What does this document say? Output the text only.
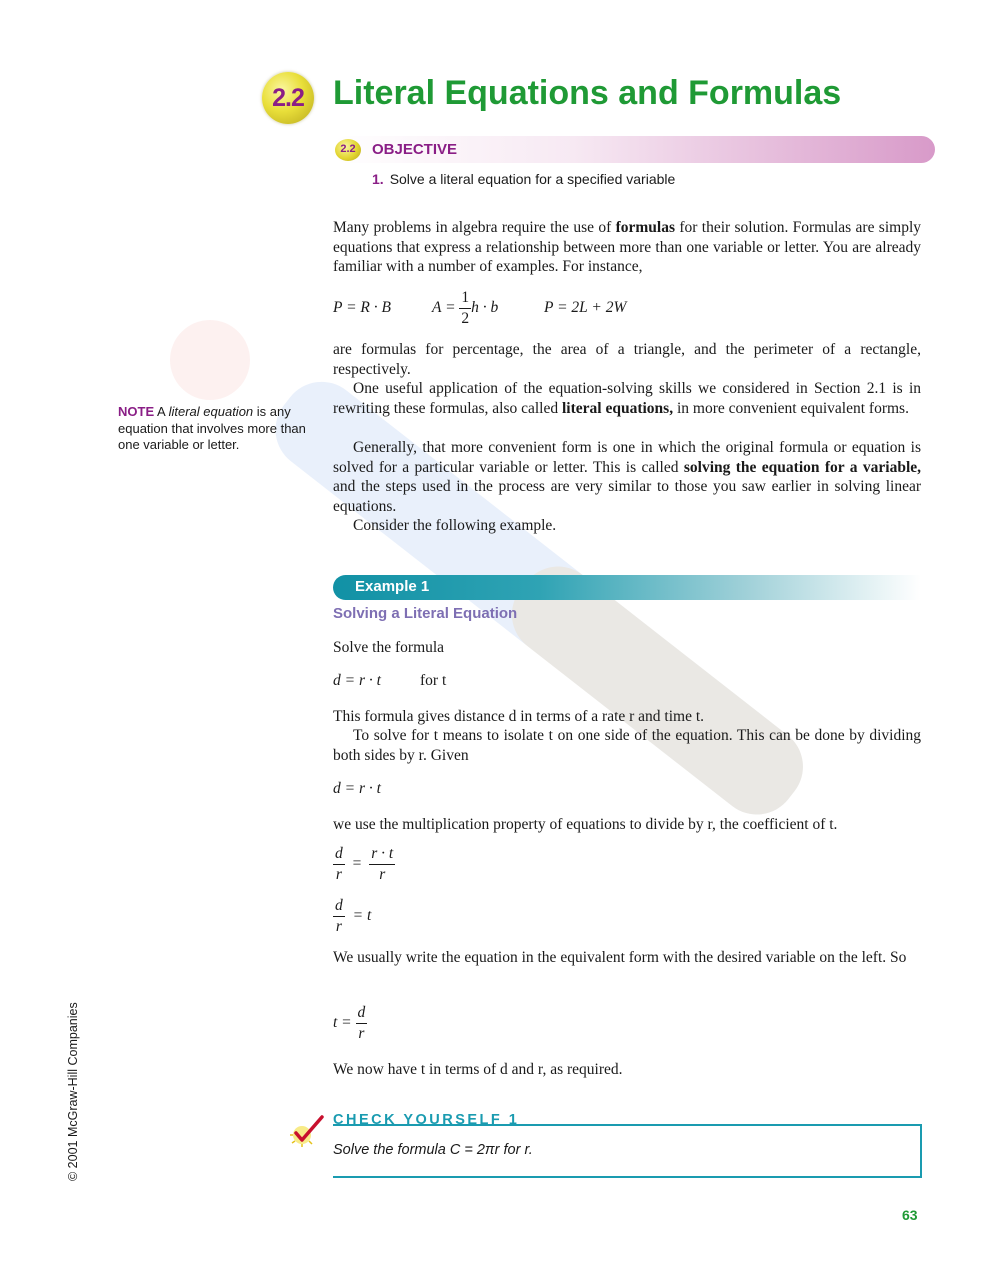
2.2 Literal Equations and Formulas
2.2	OBJECTIVE
1. Solve a literal equation for a specified variable
Many problems in algebra require the use of formulas for their solution. Formulas are simply equations that express a relationship between more than one variable or letter. You are already familiar with a number of examples. For instance,
P = R · B	$A = \frac{1}{2}$ h · b	P = 2L + 2W
are formulas for percentage, the area of a triangle, and the perimeter of a rectangle, respectively.
One useful application of the equation-solving skills we considered in Section 2.1 is in rewriting these formulas, also called literal equations, in more convenient equivalent forms.
Generally, that more convenient form is one in which the original formula or equation is solved for a particular variable or letter. This is called solving the equation for a variable, and the steps used in the process are very similar to those you saw earlier in solving linear equations.
Consider the following example.
NOTE A literal equation is any equation that involves more than one variable or letter.
Example 1
Solving a Literal Equation
Solve the formula
d = r · t	for t
This formula gives distance d in terms of a rate r and time t.
To solve for t means to isolate t on one side of the equation. This can be done by dividing both sides by r. Given
d = r · t
we use the multiplication property of equations to divide by r, the coefficient of t.
$\frac{d}{r} = \frac{r \cdot t}{r}$
$\frac{d}{r} = t$
We usually write the equation in the equivalent form with the desired variable on the left. So
$t = \frac{d}{r}$
We now have t in terms of d and r, as required.
CHECK YOURSELF 1
Solve the formula C = 2πr for r.
63
© 2001 McGraw-Hill Companies
